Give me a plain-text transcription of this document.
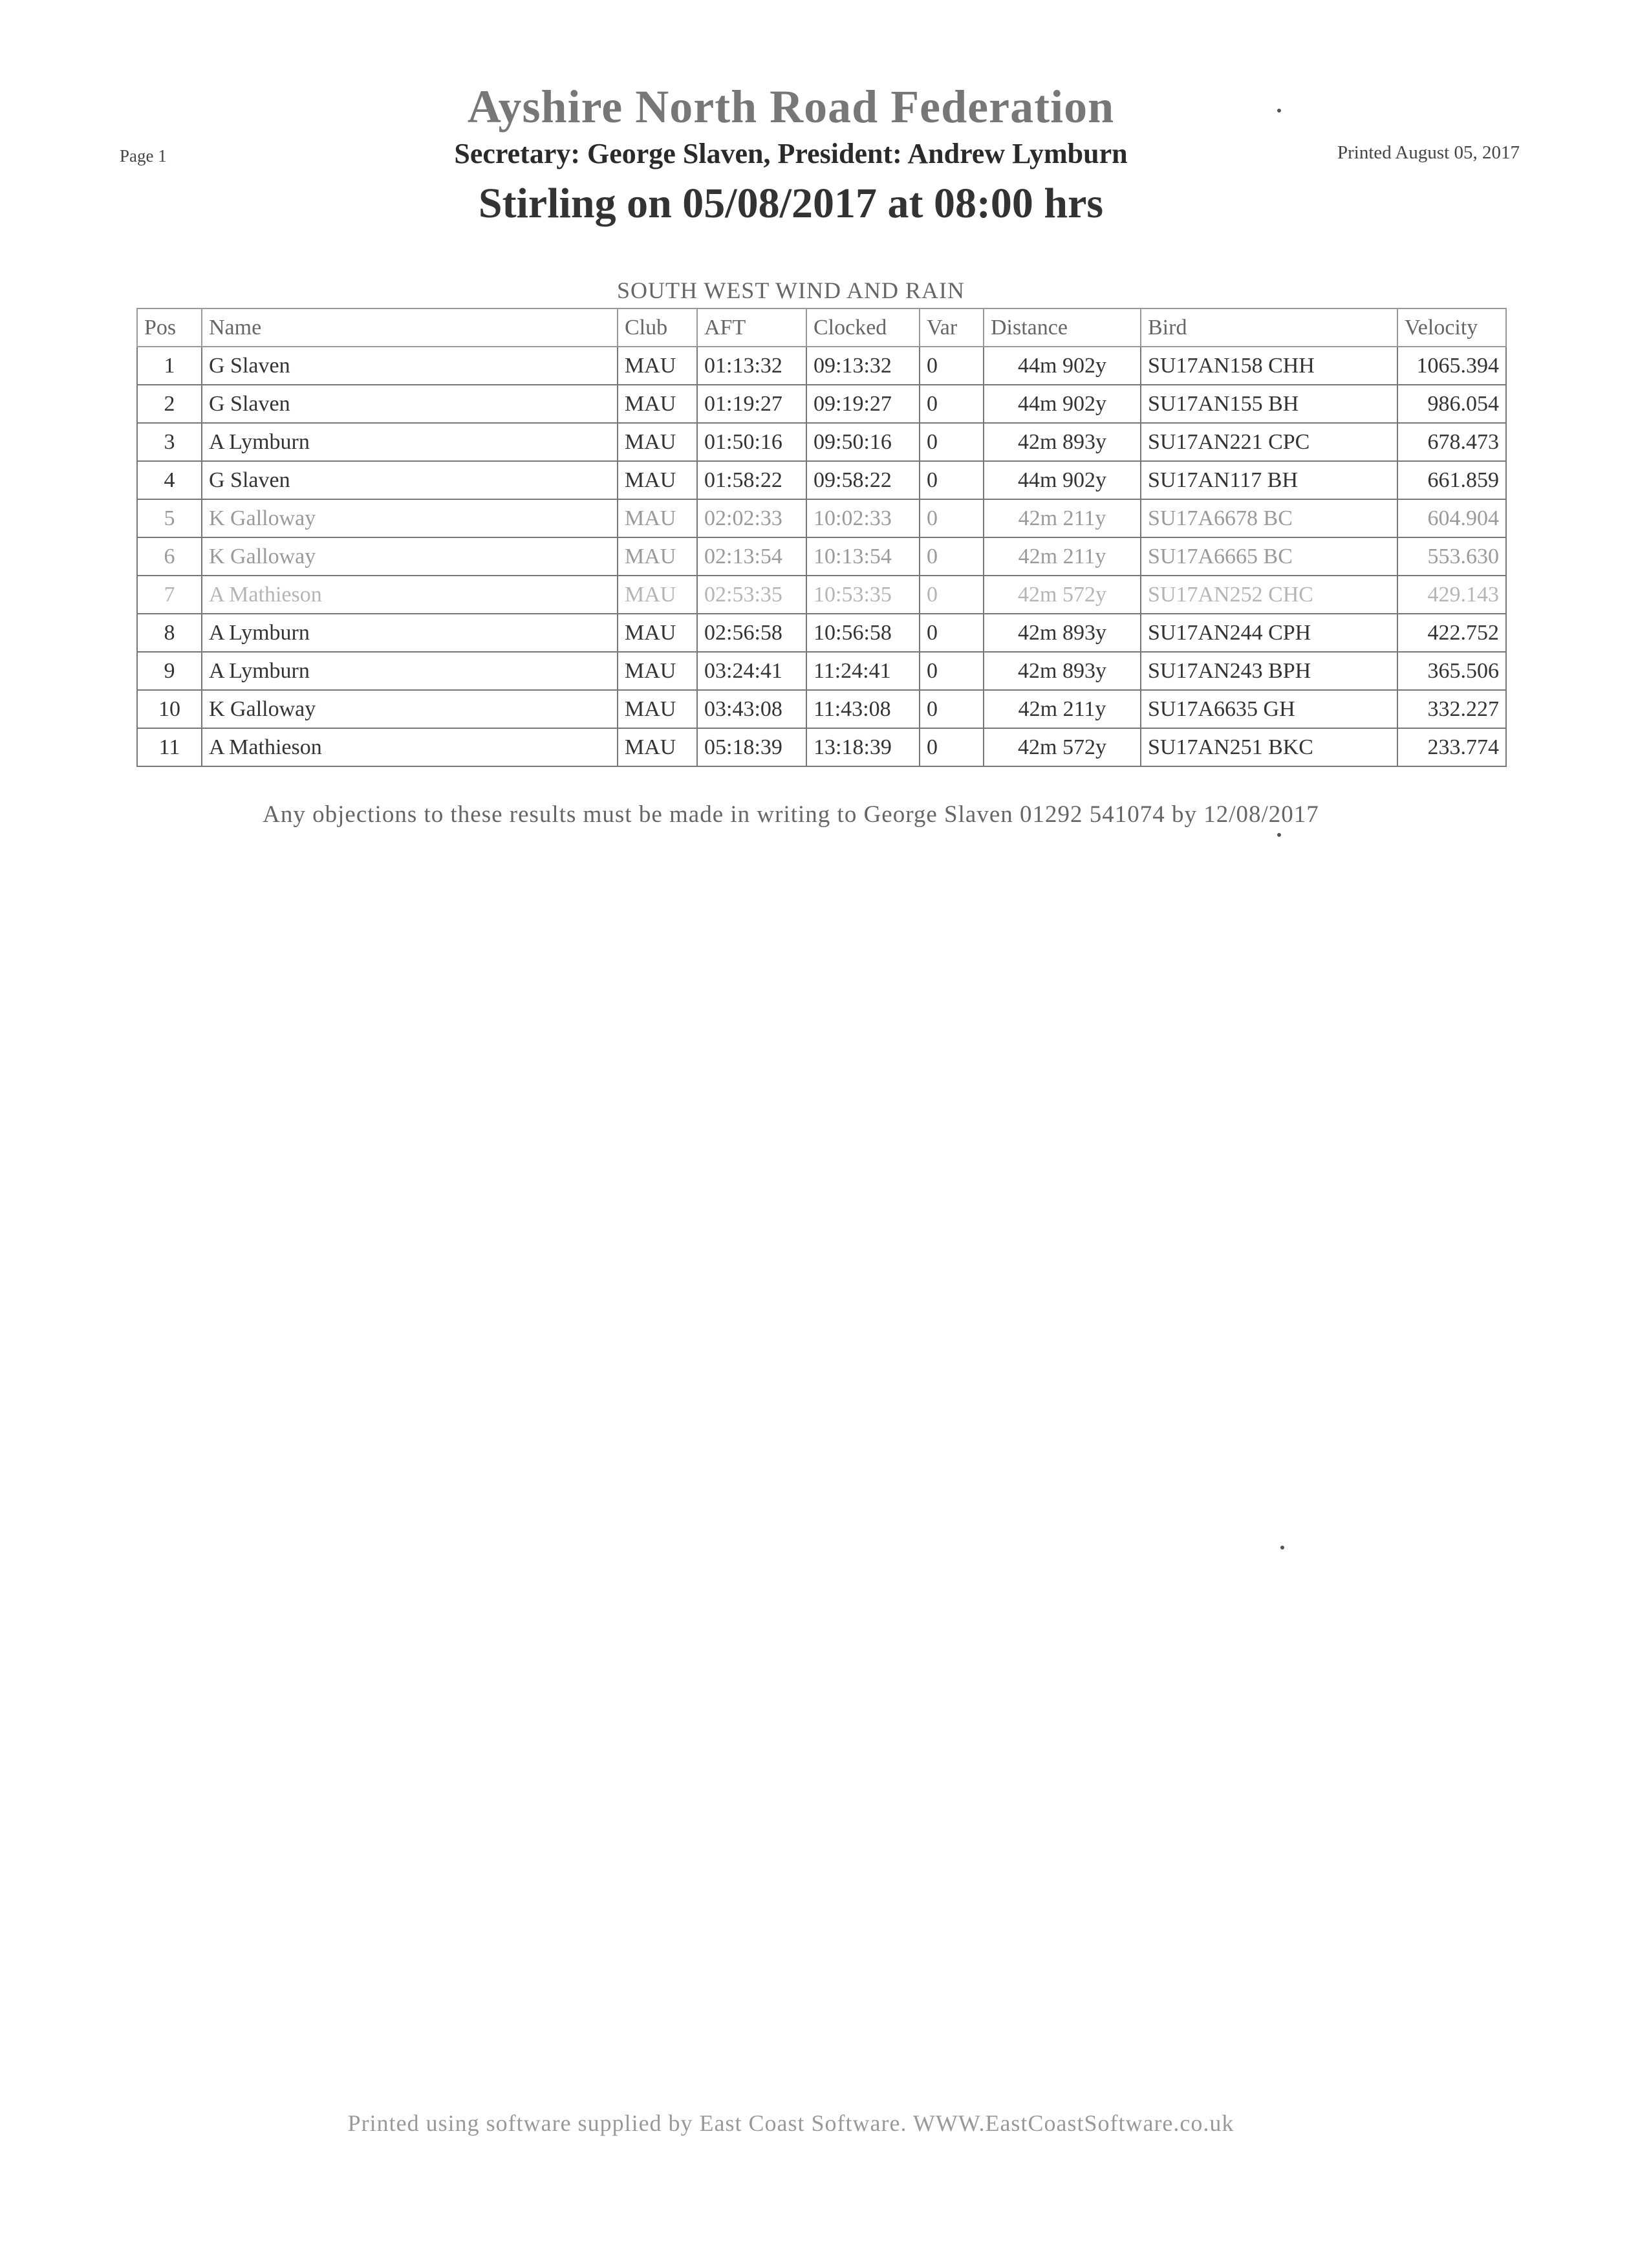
Page 1	Printed August 05, 2017
Ayshire North Road Federation
Secretary: George Slaven, President: Andrew Lymburn
Stirling on 05/08/2017 at 08:00 hrs
SOUTH WEST WIND AND RAIN
Pos	Name	Club	AFT	Clocked	Var	Distance	Bird	Velocity
1	G Slaven	MAU	01:13:32	09:13:32	0	44m 902y	SU17AN158 CHH	1065.394
2	G Slaven	MAU	01:19:27	09:19:27	0	44m 902y	SU17AN155 BH	986.054
3	A Lymburn	MAU	01:50:16	09:50:16	0	42m 893y	SU17AN221 CPC	678.473
4	G Slaven	MAU	01:58:22	09:58:22	0	44m 902y	SU17AN117 BH	661.859
5	K Galloway	MAU	02:02:33	10:02:33	0	42m 211y	SU17A6678 BC	604.904
6	K Galloway	MAU	02:13:54	10:13:54	0	42m 211y	SU17A6665 BC	553.630
7	A Mathieson	MAU	02:53:35	10:53:35	0	42m 572y	SU17AN252 CHC	429.143
8	A Lymburn	MAU	02:56:58	10:56:58	0	42m 893y	SU17AN244 CPH	422.752
9	A Lymburn	MAU	03:24:41	11:24:41	0	42m 893y	SU17AN243 BPH	365.506
10	K Galloway	MAU	03:43:08	11:43:08	0	42m 211y	SU17A6635 GH	332.227
11	A Mathieson	MAU	05:18:39	13:18:39	0	42m 572y	SU17AN251 BKC	233.774
Any objections to these results must be made in writing to George Slaven 01292 541074 by 12/08/2017
Printed using software supplied by East Coast Software. WWW.EastCoastSoftware.co.uk
